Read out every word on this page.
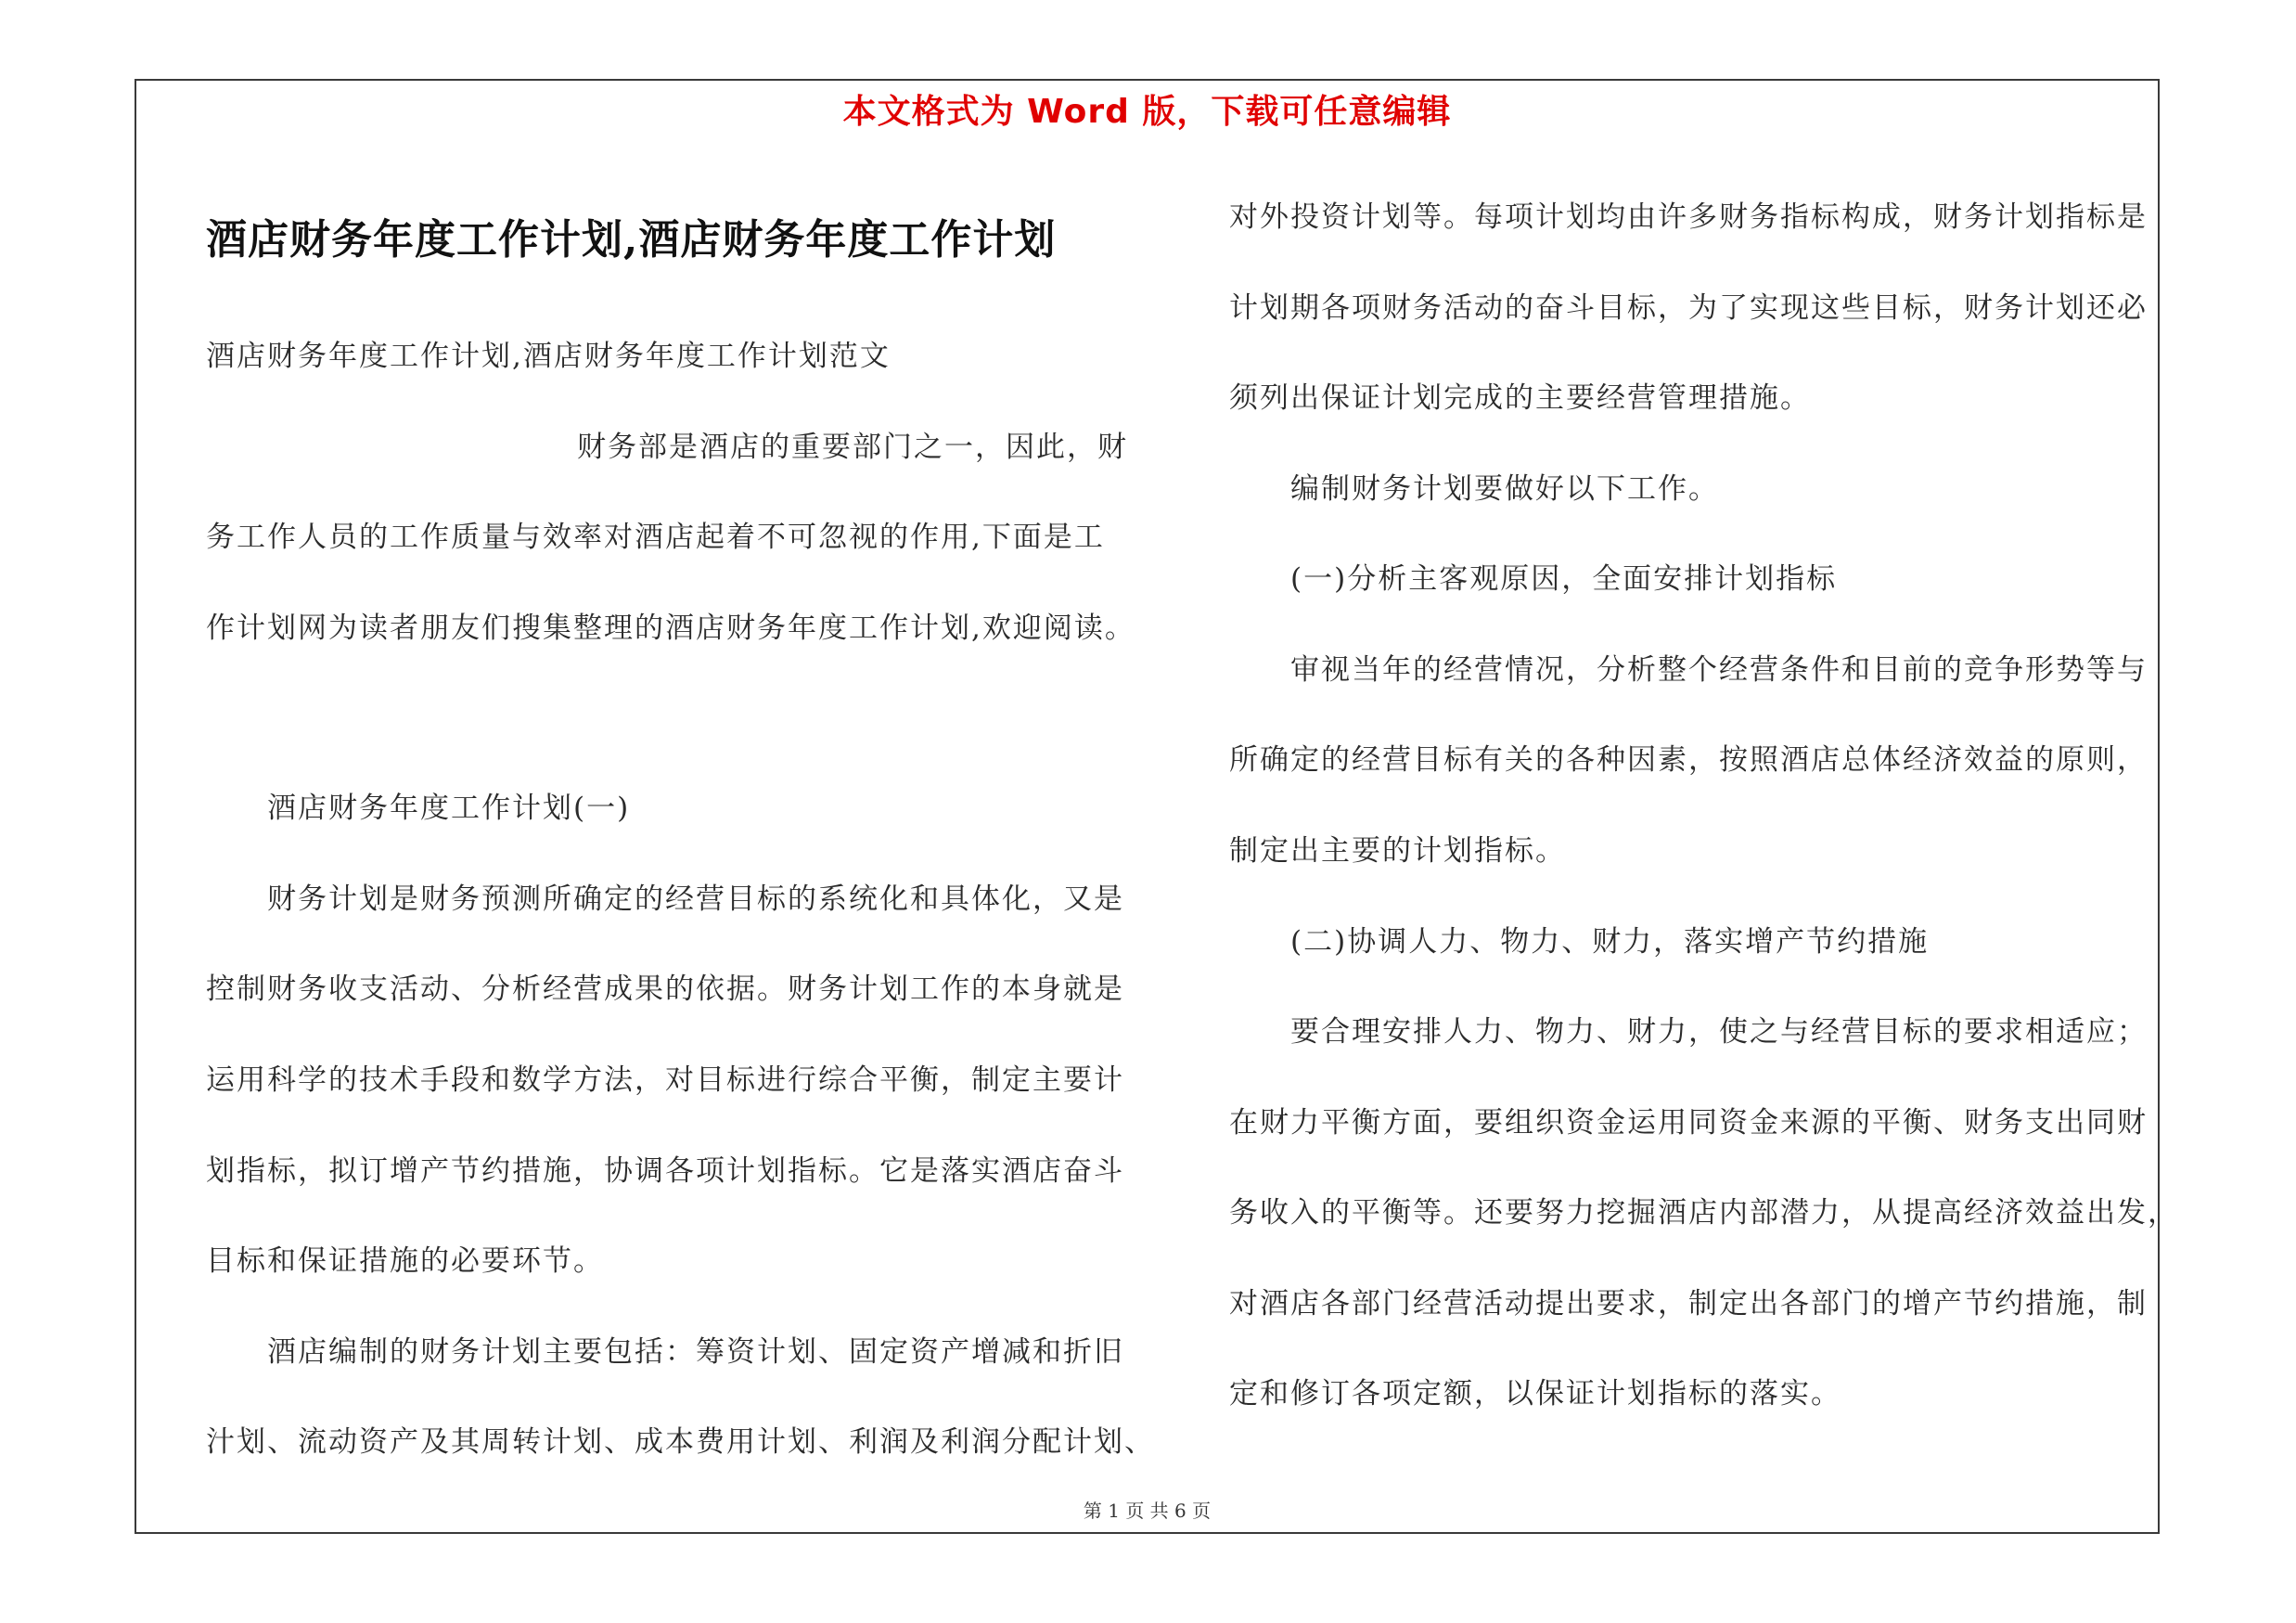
本文格式为 Word 版，下载可任意编辑
酒店财务年度工作计划,酒店财务年度工作计划
酒店财务年度工作计划,酒店财务年度工作计划范文
财务部是酒店的重要部门之一，因此，财
务工作人员的工作质量与效率对酒店起着不可忽视的作用,下面是工
作计划网为读者朋友们搜集整理的酒店财务年度工作计划,欢迎阅读。
酒店财务年度工作计划(一)
财务计划是财务预测所确定的经营目标的系统化和具体化，又是
控制财务收支活动、分析经营成果的依据。财务计划工作的本身就是
运用科学的技术手段和数学方法，对目标进行综合平衡，制定主要计
划指标，拟订增产节约措施，协调各项计划指标。它是落实酒店奋斗
目标和保证措施的必要环节。
酒店编制的财务计划主要包括：筹资计划、固定资产增减和折旧
汁划、流动资产及其周转计划、成本费用计划、利润及利润分配计划、
对外投资计划等。每项计划均由许多财务指标构成，财务计划指标是
计划期各项财务活动的奋斗目标，为了实现这些目标，财务计划还必
须列出保证计划完成的主要经营管理措施。
编制财务计划要做好以下工作。
(一)分析主客观原因，全面安排计划指标
审视当年的经营情况，分析整个经营条件和目前的竞争形势等与
所确定的经营目标有关的各种因素，按照酒店总体经济效益的原则，
制定出主要的计划指标。
(二)协调人力、物力、财力，落实增产节约措施
要合理安排人力、物力、财力，使之与经营目标的要求相适应；
在财力平衡方面，要组织资金运用同资金来源的平衡、财务支出同财
务收入的平衡等。还要努力挖掘酒店内部潜力，从提高经济效益出发，
对酒店各部门经营活动提出要求，制定出各部门的增产节约措施，制
定和修订各项定额，以保证计划指标的落实。
第 1 页 共 6 页
